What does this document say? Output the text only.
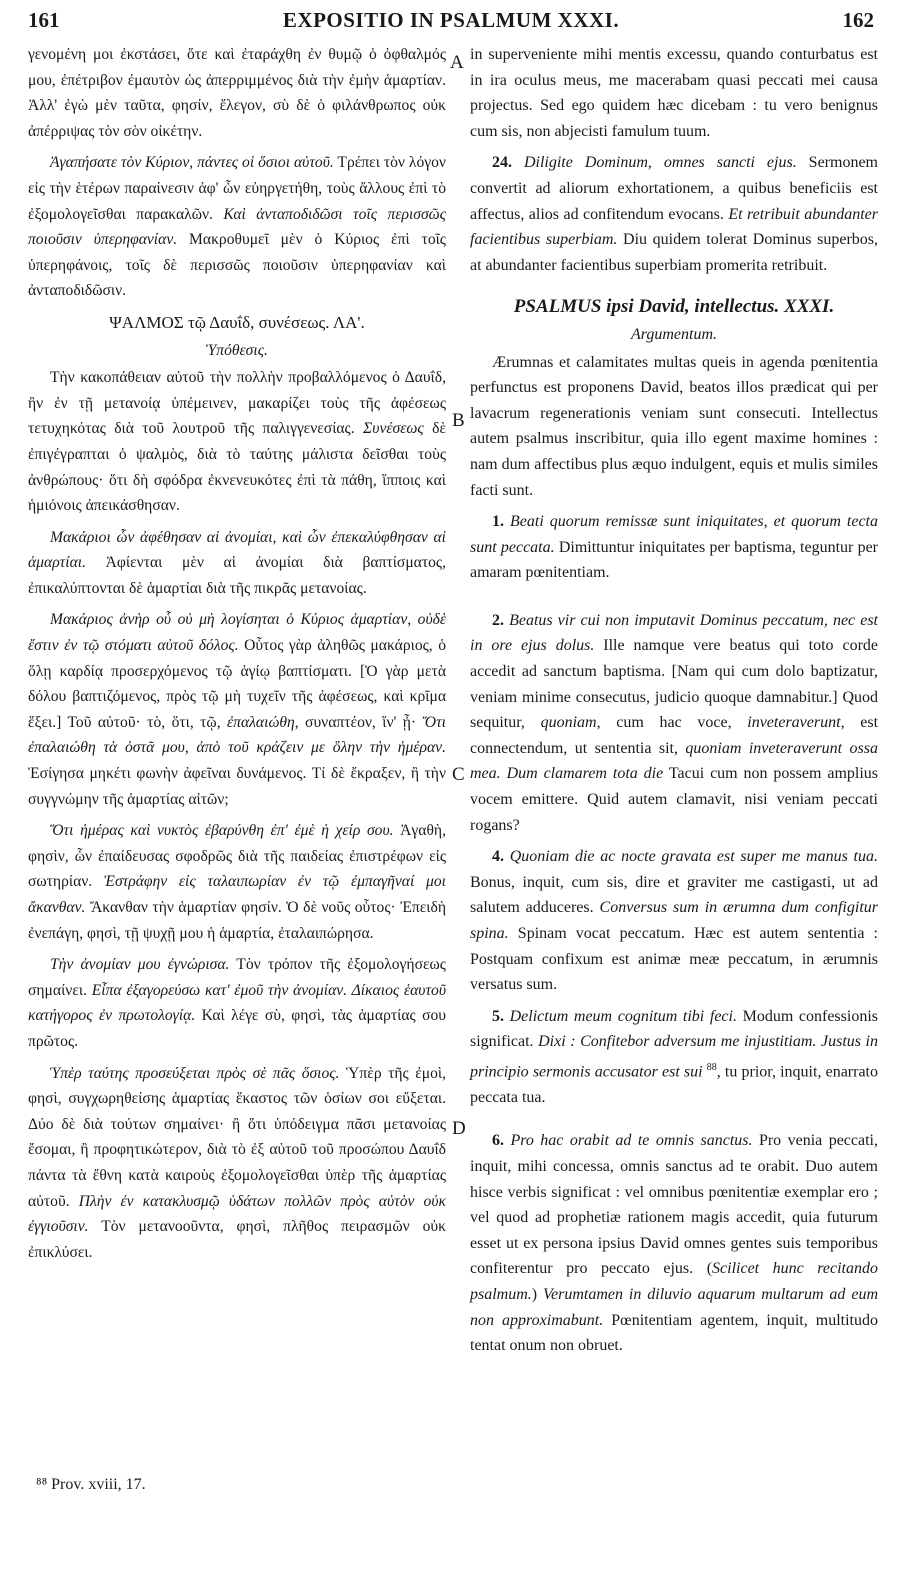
161	EXPOSITIO IN PSALMUM XXXI.	162

γενομένη μοι ἐκστάσει, ὅτε καὶ ἐταράχθη ἐν θυμῷ ὁ ὀφθαλμός μου, ἐπέτριβον ἐμαυτὸν ὡς ἀπερριμμένος διὰ τὴν ἐμὴν ἁμαρτίαν. Ἀλλ' ἐγὼ μὲν ταῦτα, φησίν, ἔλεγον, σὺ δὲ ὁ φιλάνθρωπος οὐκ ἀπέρριψας τὸν σὸν οἰκέτην.

Ἀγαπήσατε τὸν Κύριον, πάντες οἱ ὅσιοι αὐτοῦ. Τρέπει τὸν λόγον εἰς τὴν ἑτέρων παραίνεσιν ἀφ' ὧν εὐηργετήθη, τοὺς ἄλλους ἐπὶ τὸ ἐξομολογεῖσθαι παρακαλῶν. Καὶ ἀνταποδιδῶσι τοῖς περισσῶς ποιοῦσιν ὑπερηφανίαν. Μακροθυμεῖ μὲν ὁ Κύριος ἐπὶ τοῖς ὑπερηφάνοις, τοῖς δὲ περισσῶς ποιοῦσιν ὑπερηφανίαν καὶ ἀνταποδιδῶσιν.

ΨΑΛΜΟΣ τῷ Δαυΐδ, συνέσεως. ΛΑ'.

Ὑπόθεσις.

Τὴν κακοπάθειαν αὐτοῦ τὴν πολλὴν προβαλλόμενος ὁ Δαυΐδ, ἣν ἐν τῇ μετανοίᾳ ὑπέμεινεν, μακαρίζει τοὺς τῆς ἀφέσεως τετυχηκότας διὰ τοῦ λουτροῦ τῆς παλιγγενεσίας. Συνέσεως δὲ ἐπιγέγραπται ὁ ψαλμὸς, διὰ τὸ ταύτης μάλιστα δεῖσθαι τοὺς ἀνθρώπους· ὅτι δὴ σφόδρα ἐκνενευκότες ἐπὶ τὰ πάθη, ἵπποις καὶ ἡμιόνοις ἀπεικάσθησαν.

Μακάριοι ὧν ἀφέθησαν αἱ ἀνομίαι, καὶ ὧν ἐπεκαλύφθησαν αἱ ἁμαρτίαι. Ἀφίενται μὲν αἱ ἀνομίαι διὰ βαπτίσματος, ἐπικαλύπτονται δὲ ἁμαρτίαι διὰ τῆς πικρᾶς μετανοίας.

Μακάριος ἀνὴρ οὗ οὐ μὴ λογίσηται ὁ Κύριος ἁμαρτίαν, οὐδὲ ἔστιν ἐν τῷ στόματι αὐτοῦ δόλος. Οὗτος γὰρ ἀληθῶς μακάριος, ὁ ὅλῃ καρδίᾳ προσερχόμενος τῷ ἁγίῳ βαπτίσματι. [Ὁ γὰρ μετὰ δόλου βαπτιζόμενος, πρὸς τῷ μὴ τυχεῖν τῆς ἀφέσεως, καὶ κρῖμα ἕξει.] Τοῦ αὐτοῦ· τὸ, ὅτι, τῷ, ἐπαλαιώθη, συναπτέον, ἵν' ᾖ· Ὅτι ἐπαλαιώθη τὰ ὀστᾶ μου, ἀπὸ τοῦ κράζειν με ὅλην τὴν ἡμέραν. Ἐσίγησα μηκέτι φωνὴν ἀφεῖναι δυνάμενος. Τί δὲ ἔκραξεν, ἢ τὴν συγγνώμην τῆς ἁμαρτίας αἰτῶν;

Ὅτι ἡμέρας καὶ νυκτὸς ἐβαρύνθη ἐπ' ἐμὲ ἡ χείρ σου. Ἀγαθὴ, φησὶν, ὧν ἐπαίδευσας σφοδρῶς διὰ τῆς παιδείας ἐπιστρέφων εἰς σωτηρίαν. Ἐστράφην εἰς ταλαιπωρίαν ἐν τῷ ἐμπαγῆναί μοι ἄκανθαν. Ἄκανθαν τὴν ἁμαρτίαν φησίν. Ὁ δὲ νοῦς οὗτος· Ἐπειδὴ ἐνεπάγη, φησὶ, τῇ ψυχῇ μου ἡ ἁμαρτία, ἐταλαιπώρησα.

Τὴν ἀνομίαν μου ἐγνώρισα. Τὸν τρόπον τῆς ἐξομολογήσεως σημαίνει. Εἶπα ἐξαγορεύσω κατ' ἐμοῦ τὴν ἀνομίαν. Δίκαιος ἑαυτοῦ κατήγορος ἐν πρωτολογίᾳ. Καὶ λέγε σὺ, φησὶ, τὰς ἁμαρτίας σου πρῶτος.

Ὑπὲρ ταύτης προσεύξεται πρὸς σὲ πᾶς ὅσιος. Ὑπὲρ τῆς ἐμοὶ, φησὶ, συγχωρηθείσης ἁμαρτίας ἕκαστος τῶν ὁσίων σοι εὔξεται. Δύο δὲ διὰ τούτων σημαίνει· ἢ ὅτι ὑπόδειγμα πᾶσι μετανοίας ἔσομαι, ἢ προφητικώτερον, διὰ τὸ ἐξ αὐτοῦ τοῦ προσώπου Δαυΐδ πάντα τὰ ἔθνη κατὰ καιροὺς ἐξομολογεῖσθαι ὑπὲρ τῆς ἁμαρτίας αὐτοῦ. Πλὴν ἐν κατακλυσμῷ ὑδάτων πολλῶν πρὸς αὐτὸν οὐκ ἐγγιοῦσιν. Τὸν μετανοοῦντα, φησὶ, πλῆθος πειρασμῶν οὐκ ἐπικλύσει.

A
B
C
D

in superveniente mihi mentis excessu, quando conturbatus est in ira oculus meus, me macerabam quasi peccati mei causa projectus. Sed ego quidem hæc dicebam : tu vero benignus cum sis, non abjecisti famulum tuum.

24. Diligite Dominum, omnes sancti ejus. Sermonem convertit ad aliorum exhortationem, a quibus beneficiis est affectus, alios ad confitendum evocans. Et retribuit abundanter facientibus superbiam. Diu quidem tolerat Dominus superbos, at abundanter facientibus superbiam promerita retribuit.

PSALMUS ipsi David, intellectus. XXXI.

Argumentum.

Ærumnas et calamitates multas queis in agenda pœnitentia perfunctus est proponens David, beatos illos prædicat qui per lavacrum regenerationis veniam sunt consecuti. Intellectus autem psalmus inscribitur, quia illo egent maxime homines : nam dum affectibus plus æquo indulgent, equis et mulis similes facti sunt.

1. Beati quorum remissæ sunt iniquitates, et quorum tecta sunt peccata. Dimittuntur iniquitates per baptisma, teguntur per amaram pœnitentiam.

2. Beatus vir cui non imputavit Dominus peccatum, nec est in ore ejus dolus. Ille namque vere beatus qui toto corde accedit ad sanctum baptisma. [Nam qui cum dolo baptizatur, veniam minime consecutus, judicio quoque damnabitur.] Quod sequitur, quoniam, cum hac voce, inveteraverunt, est connectendum, ut sententia sit, quoniam inveteraverunt ossa mea. Dum clamarem tota die Tacui cum non possem amplius vocem emittere. Quid autem clamavit, nisi veniam peccati rogans?

4. Quoniam die ac nocte gravata est super me manus tua. Bonus, inquit, cum sis, dire et graviter me castigasti, ut ad salutem adduceres. Conversus sum in ærumna dum configitur spina. Spinam vocat peccatum. Hæc est autem sententia : Postquam confixum est animæ meæ peccatum, in ærumnis versatus sum.

5. Delictum meum cognitum tibi feci. Modum confessionis significat. Dixi : Confitebor adversum me injustitiam. Justus in principio sermonis accusator est sui $^{88}$, tu prior, inquit, enarrato peccata tua.

6. Pro hac orabit ad te omnis sanctus. Pro venia peccati, inquit, mihi concessa, omnis sanctus ad te orabit. Duo autem hisce verbis significat : vel omnibus pœnitentiæ exemplar ero ; vel quod ad prophetiæ rationem magis accedit, quia futurum esset ut ex persona ipsius David omnes gentes suis temporibus confiterentur pro peccato ejus. (Scilicet hunc recitando psalmum.) Verumtamen in diluvio aquarum multarum ad eum non approximabunt. Pœnitentiam agentem, inquit, multitudo tentat onum non obruet.

⁸⁸ Prov. xviii, 17.
